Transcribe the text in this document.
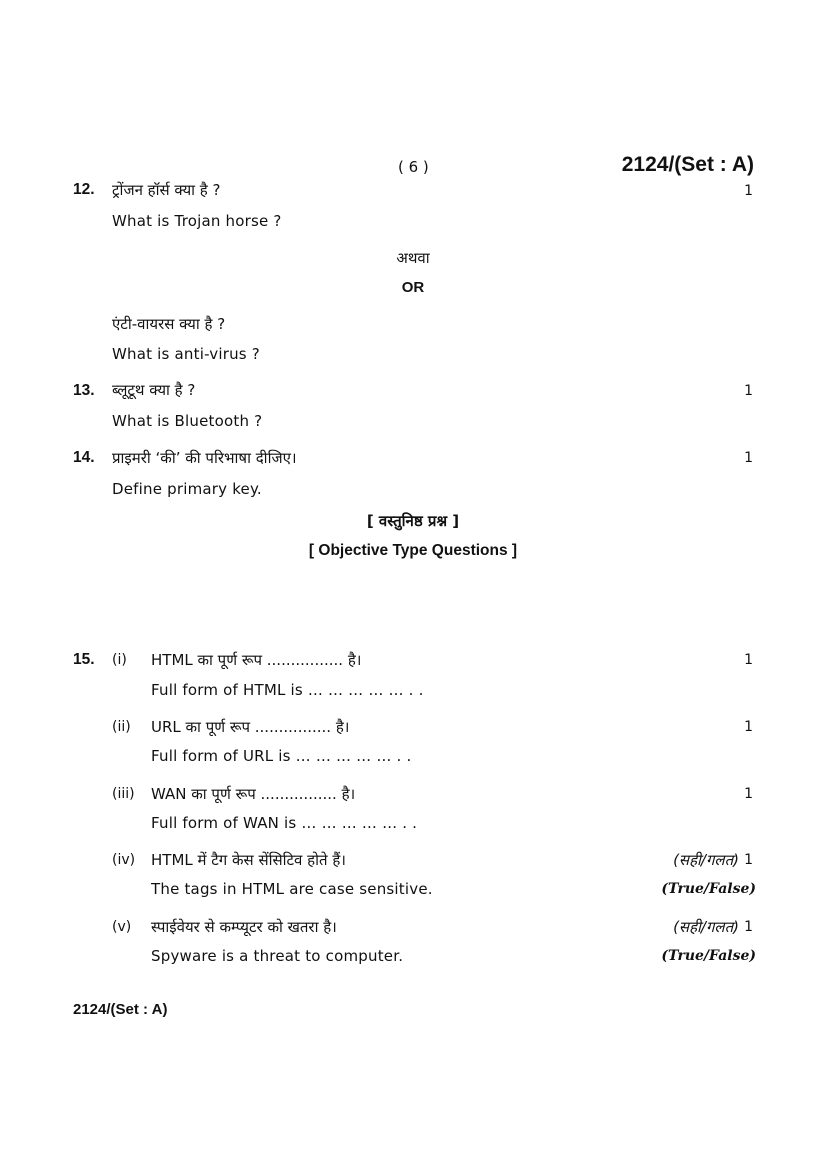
( 6 )	2124/(Set : A)
12. ट्रोंजन हॉर्स क्या है ?	1
What is Trojan horse ?
अथवा
OR
एंटी-वायरस क्या है ?
What is anti-virus ?
13. ब्लूटूथ क्या है ?	1
What is Bluetooth ?
14. प्राइमरी ‘की’ की परिभाषा दीजिए।	1
Define primary key.
[ वस्तुनिष्ठ प्रश्न ]
[ Objective Type Questions ]
15. (i) HTML का पूर्ण रूप ................ है।	1
Full form of HTML is … … … … … . .
(ii) URL का पूर्ण रूप ................ है।	1
Full form of URL is … … … … … . .
(iii) WAN का पूर्ण रूप ................ है।	1
Full form of WAN is … … … … … . .
(iv) HTML में टैग केस सेंसिटिव होते हैं।	(सही/गलत) 1
The tags in HTML are case sensitive.	(True/False)
(v) स्पाईवेयर से कम्प्यूटर को खतरा है।	(सही/गलत) 1
Spyware is a threat to computer.	(True/False)
2124/(Set : A)
